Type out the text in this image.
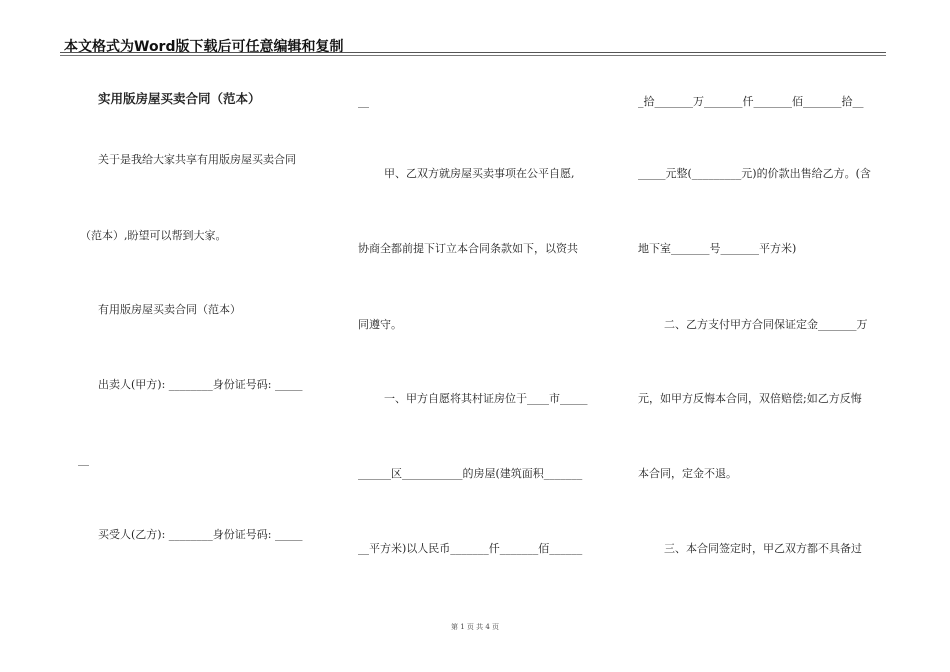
本文格式为Word版下载后可任意编辑和复制
实用版房屋买卖合同（范本）
关于是我给大家共享有用版房屋买卖合同
（范本）,盼望可以帮到大家。
有用版房屋买卖合同（范本）
出卖人(甲方): ________身份证号码: _____
__
买受人(乙方): ________身份证号码: _____
__
甲、乙双方就房屋买卖事项在公平自愿,
协商全都前提下订立本合同条款如下，以资共
同遵守。
一、甲方自愿将其村证房位于____市_____
______区___________的房屋(建筑面积_______
__平方米)以人民币_______仟_______佰______
_拾_______万_______仟_______佰_______拾__
_____元整(_________元)的价款出售给乙方。(含
地下室_______号_______平方米)
二、乙方支付甲方合同保证定金_______万
元，如甲方反悔本合同，双倍赔偿;如乙方反悔
本合同，定金不退。
三、本合同签定时，甲乙双方都不具备过
第 1 页 共 4 页
